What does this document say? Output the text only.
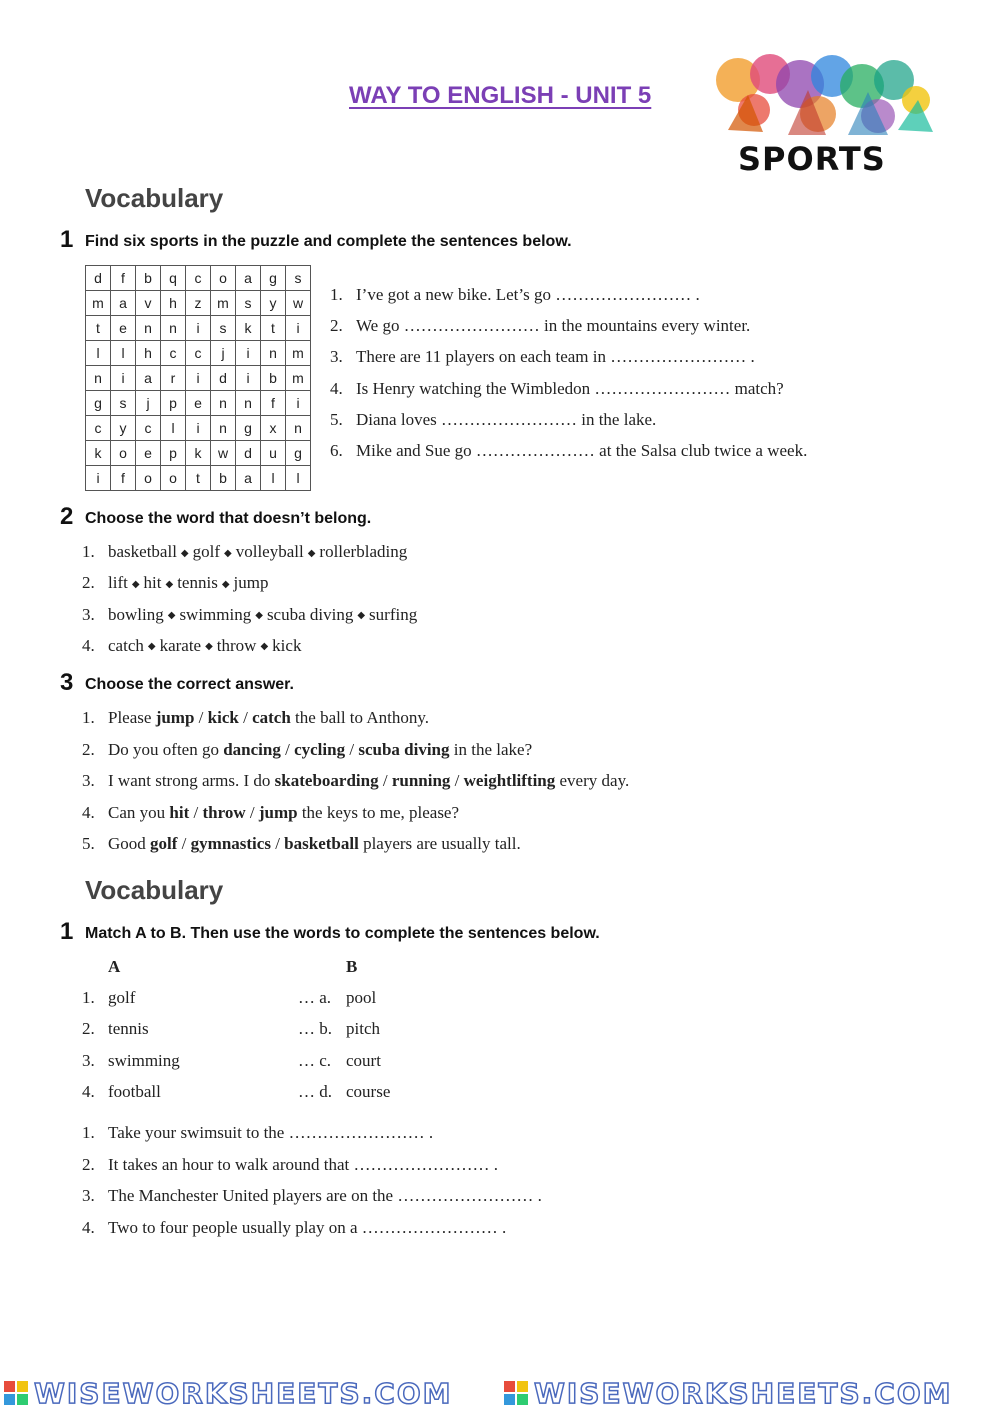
WAY TO ENGLISH - UNIT 5
SPORTS
Vocabulary
1 Find six sports in the puzzle and complete the sentences below.
d	f	b	q	c	o	a	g	s
m	a	v	h	z	m	s	y	w
t	e	n	n	i	s	k	t	i
l	l	h	c	c	j	i	n	m
n	i	a	r	i	d	i	b	m
g	s	j	p	e	n	n	f	i
c	y	c	l	i	n	g	x	n
k	o	e	p	k	w	d	u	g
i	f	o	o	t	b	a	l	l
1. I’ve got a new bike. Let’s go …………………… .
2. We go …………………… in the mountains every winter.
3. There are 11 players on each team in …………………… .
4. Is Henry watching the Wimbledon …………………… match?
5. Diana loves …………………… in the lake.
6. Mike and Sue go ………………… at the Salsa club twice a week.
2 Choose the word that doesn’t belong.
1. basketball ◆ golf ◆ volleyball ◆ rollerblading
2. lift ◆ hit ◆ tennis ◆ jump
3. bowling ◆ swimming ◆ scuba diving ◆ surfing
4. catch ◆ karate ◆ throw ◆ kick
3 Choose the correct answer.
1. Please jump / kick / catch the ball to Anthony.
2. Do you often go dancing / cycling / scuba diving in the lake?
3. I want strong arms. I do skateboarding / running / weightlifting every day.
4. Can you hit / throw / jump the keys to me, please?
5. Good golf / gymnastics / basketball players are usually tall.
Vocabulary
1 Match A to B. Then use the words to complete the sentences below.
A	B
1. golf	… a. pool
2. tennis	… b. pitch
3. swimming	… c. court
4. football	… d. course
1. Take your swimsuit to the …………………… .
2. It takes an hour to walk around that …………………… .
3. The Manchester United players are on the …………………… .
4. Two to four people usually play on a …………………… .
WISEWORKSHEETS.COM	WISEWORKSHEETS.COM
